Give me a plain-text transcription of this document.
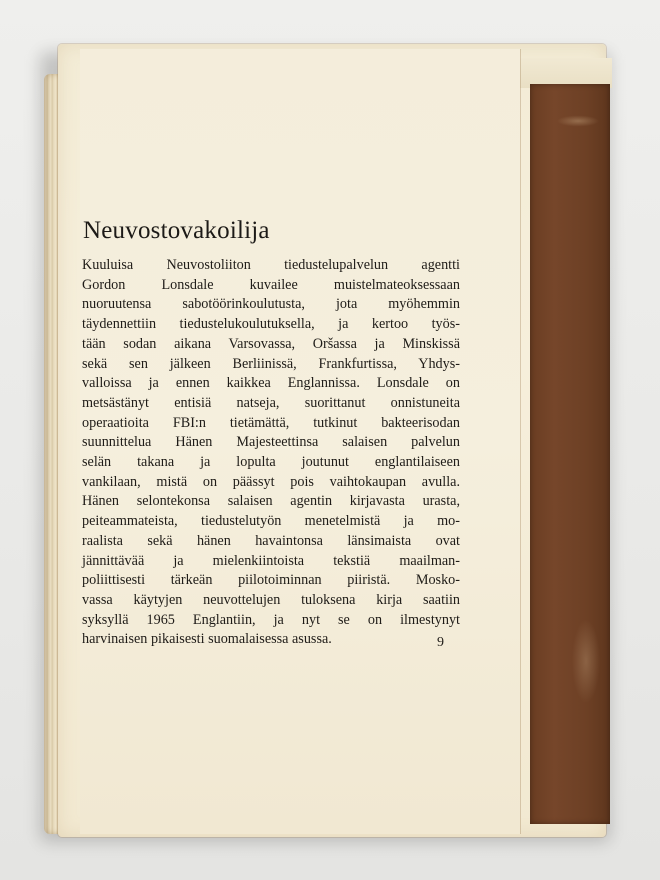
Neuvostovakoilija
Kuuluisa Neuvostoliiton tiedustelupalvelun agentti
Gordon Lonsdale kuvailee muistelmateoksessaan
nuoruutensa sabotöörinkoulutusta, jota myöhemmin
täydennettiin tiedustelukoulutuksella, ja kertoo työs-
tään sodan aikana Varsovassa, Oršassa ja Minskissä
sekä sen jälkeen Berliinissä, Frankfurtissa, Yhdys-
valloissa ja ennen kaikkea Englannissa. Lonsdale on
metsästänyt entisiä natseja, suorittanut onnistuneita
operaatioita FBI:n tietämättä, tutkinut bakteerisodan
suunnittelua Hänen Majesteettinsa salaisen palvelun
selän takana ja lopulta joutunut englantilaiseen
vankilaan, mistä on päässyt pois vaihtokaupan avulla.
Hänen selontekonsa salaisen agentin kirjavasta urasta,
peiteammateista, tiedustelutyön menetelmistä ja mo-
raalista sekä hänen havaintonsa länsimaista ovat
jännittävää ja mielenkiintoista tekstiä maailman-
poliittisesti tärkeän piilotoiminnan piiristä. Mosko-
vassa käytyjen neuvottelujen tuloksena kirja saatiin
syksyllä 1965 Englantiin, ja nyt se on ilmestynyt
harvinaisen pikaisesti suomalaisessa asussa.	9
